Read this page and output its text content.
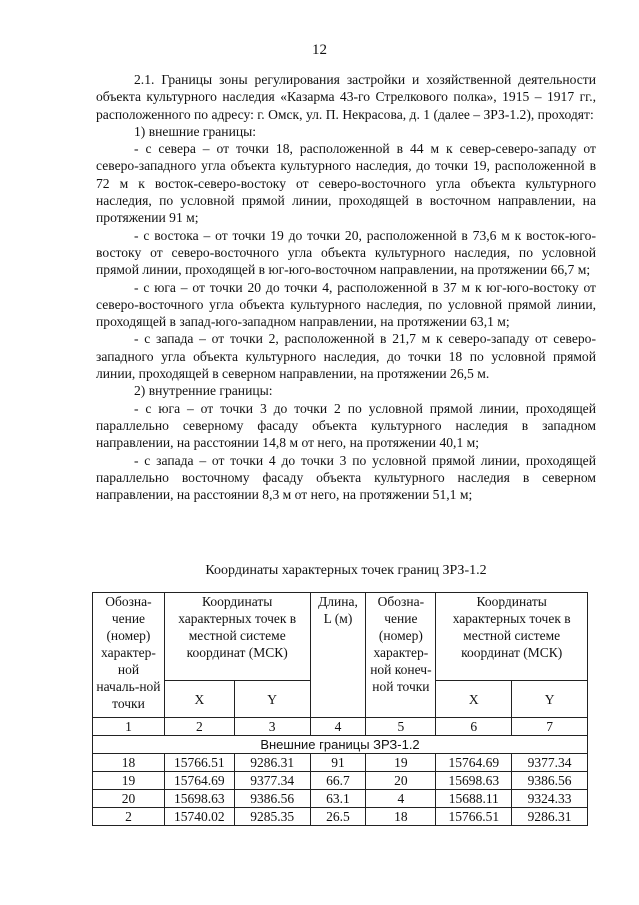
12

2.1. Границы зоны регулирования застройки и хозяйственной деятельности объекта культурного наследия «Казарма 43-го Стрелкового полка», 1915 – 1917 гг., расположенного по адресу: г. Омск, ул. П. Некрасова, д. 1 (далее – ЗРЗ-1.2), проходят:

1) внешние границы:

- с севера – от точки 18, расположенной в 44 м к север-северо-западу от северо-западного угла объекта культурного наследия, до точки 19, расположенной в 72 м к восток-северо-востоку от северо-восточного угла объекта культурного наследия, по условной прямой линии, проходящей в восточном направлении, на протяжении 91 м;

- с востока – от точки 19 до точки 20, расположенной в 73,6 м к восток-юго-востоку от северо-восточного угла объекта культурного наследия, по условной прямой линии, проходящей в юг-юго-восточном направлении, на протяжении 66,7 м;

- с юга – от точки 20 до точки 4, расположенной в 37 м к юг-юго-востоку от северо-восточного угла объекта культурного наследия, по условной прямой линии, проходящей в запад-юго-западном направлении, на протяжении 63,1 м;

- с запада – от точки 2, расположенной в 21,7 м к северо-западу от северо-западного угла объекта культурного наследия, до точки 18 по условной прямой линии, проходящей в северном направлении, на протяжении 26,5 м.

2) внутренние границы:

- с юга – от точки 3 до точки 2 по условной прямой линии, проходящей параллельно северному фасаду объекта культурного наследия в западном направлении, на расстоянии 14,8 м от него, на протяжении 40,1 м;

- с запада – от точки 4 до точки 3 по условной прямой линии, проходящей параллельно восточному фасаду объекта культурного наследия в северном направлении, на расстоянии 8,3 м от него, на протяжении 51,1 м;

Координаты характерных точек границ ЗРЗ-1.2
Обозна-чение (номер) характер-ной началь-ной точки	Координаты характерных точек в местной системе координат (МСК)		Длина, L (м)	Обозна-чение (номер) характер-ной конеч-ной точки	Координаты характерных точек в местной системе координат (МСК)	
	X	Y			X	Y
1	2	3	4	5	6	7
Внешние границы ЗРЗ-1.2						
18	15766.51	9286.31	91	19	15764.69	9377.34
19	15764.69	9377.34	66.7	20	15698.63	9386.56
20	15698.63	9386.56	63.1	4	15688.11	9324.33
2	15740.02	9285.35	26.5	18	15766.51	9286.31
